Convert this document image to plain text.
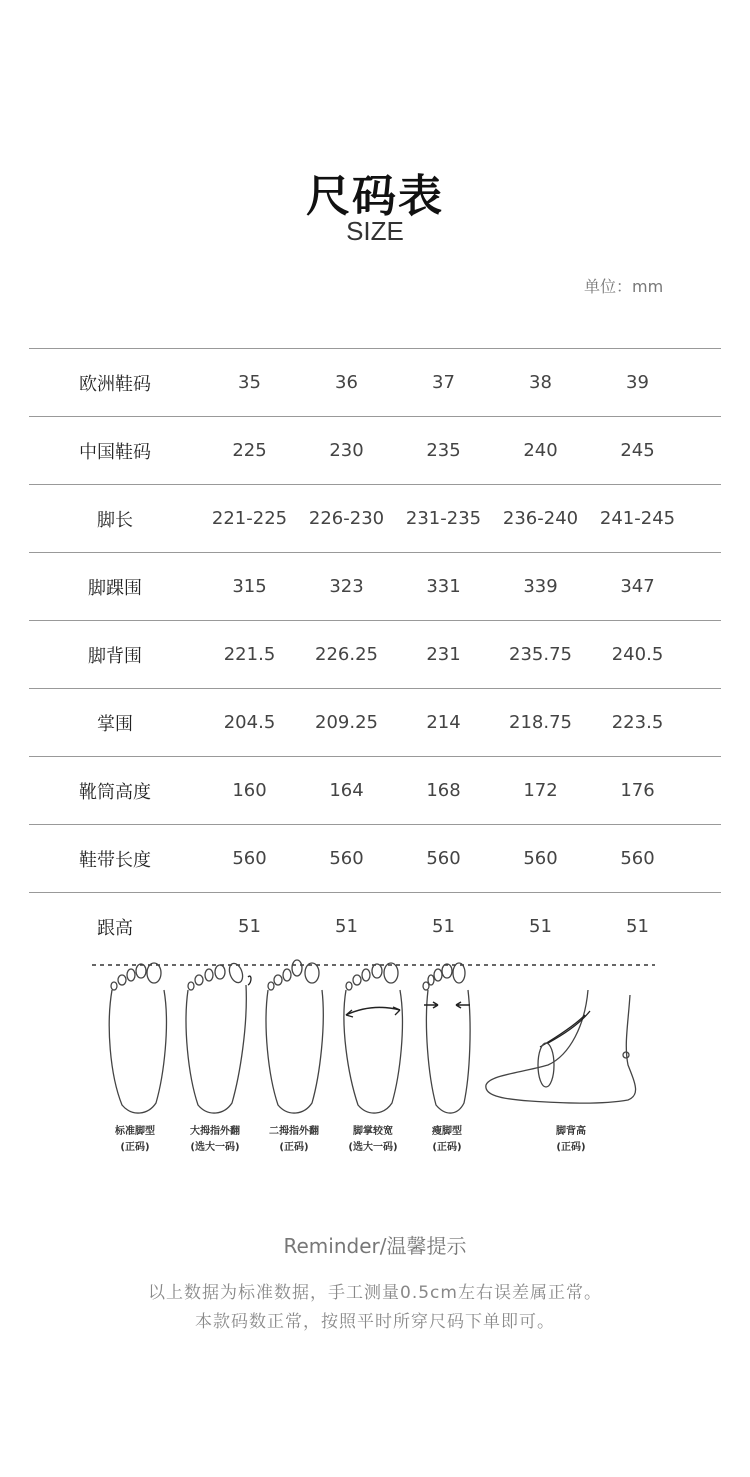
尺码表
SIZE
单位：mm
欧洲鞋码	35	36	37	38	39
中国鞋码	225	230	235	240	245
脚长	221-225	226-230	231-235	236-240	241-245
脚踝围	315	323	331	339	347
脚背围	221.5	226.25	231	235.75	240.5
掌围	204.5	209.25	214	218.75	223.5
靴筒高度	160	164	168	172	176
鞋带长度	560	560	560	560	560
跟高	51	51	51	51	51
标准脚型
(正码)
大拇指外翻
(选大一码)
二拇指外翻
(正码)
脚掌较宽
(选大一码)
瘦脚型
(正码)
脚背高
(正码)
Reminder/温馨提示
以上数据为标准数据，手工测量0.5cm左右误差属正常。
本款码数正常，按照平时所穿尺码下单即可。
